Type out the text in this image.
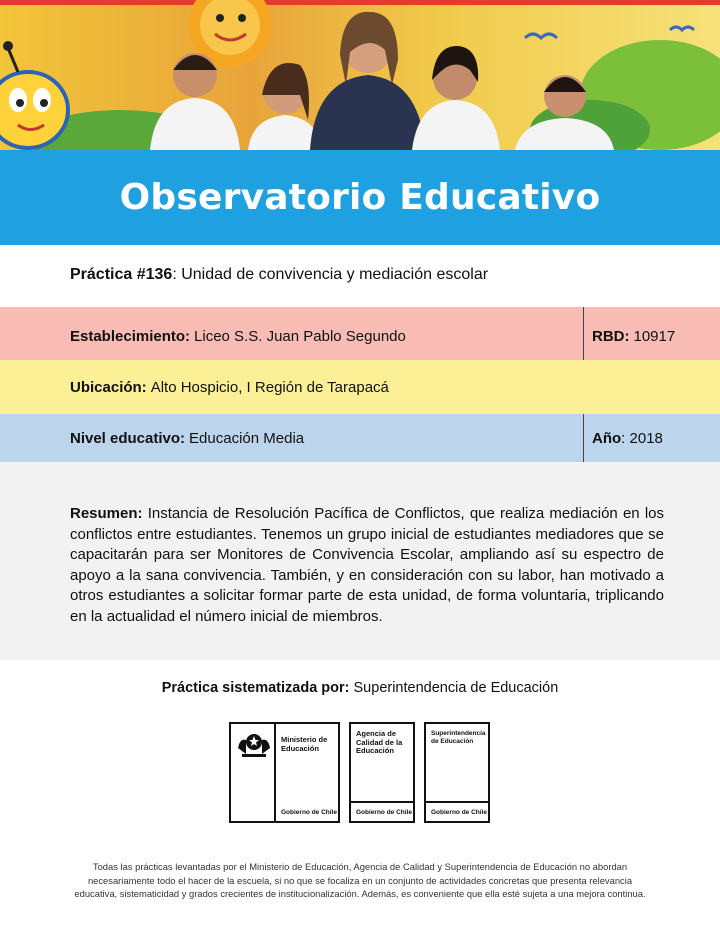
Observatorio Educativo
Práctica #136: Unidad de convivencia y mediación escolar
Establecimiento: Liceo S.S. Juan Pablo Segundo	RBD: 10917
Ubicación: Alto Hospicio, I Región de Tarapacá
Nivel educativo: Educación Media	Año : 2018

Resumen: Instancia de Resolución Pacífica de Conflictos, que realiza mediación en los conflictos entre estudiantes. Tenemos un grupo inicial de estudiantes mediadores que se capacitarán para ser Monitores de Convivencia Escolar, ampliando así su espectro de apoyo a la sana convivencia. También, y en consideración con su labor, han motivado a otros estudiantes a solicitar formar parte de esta unidad, de forma voluntaria, triplicando en la actualidad el número inicial de miembros.

Práctica sistematizada por: Superintendencia de Educación
Ministerio de
Educación
Gobierno de Chile
Agencia de
Calidad de la
Educación
Gobierno de Chile
Superintendencia
de Educación
Gobierno de Chile
Todas las prácticas levantadas por el Ministerio de Educación, Agencia de Calidad y Superintendencia de Educación no abordan
necesariamente todo el hacer de la escuela, si no que se focaliza en un conjunto de actividades concretas que presenta relevancia
educativa, sistematicidad y grados crecientes de institucionalización. Además, es conveniente que ella esté sujeta a una mejora continua.
